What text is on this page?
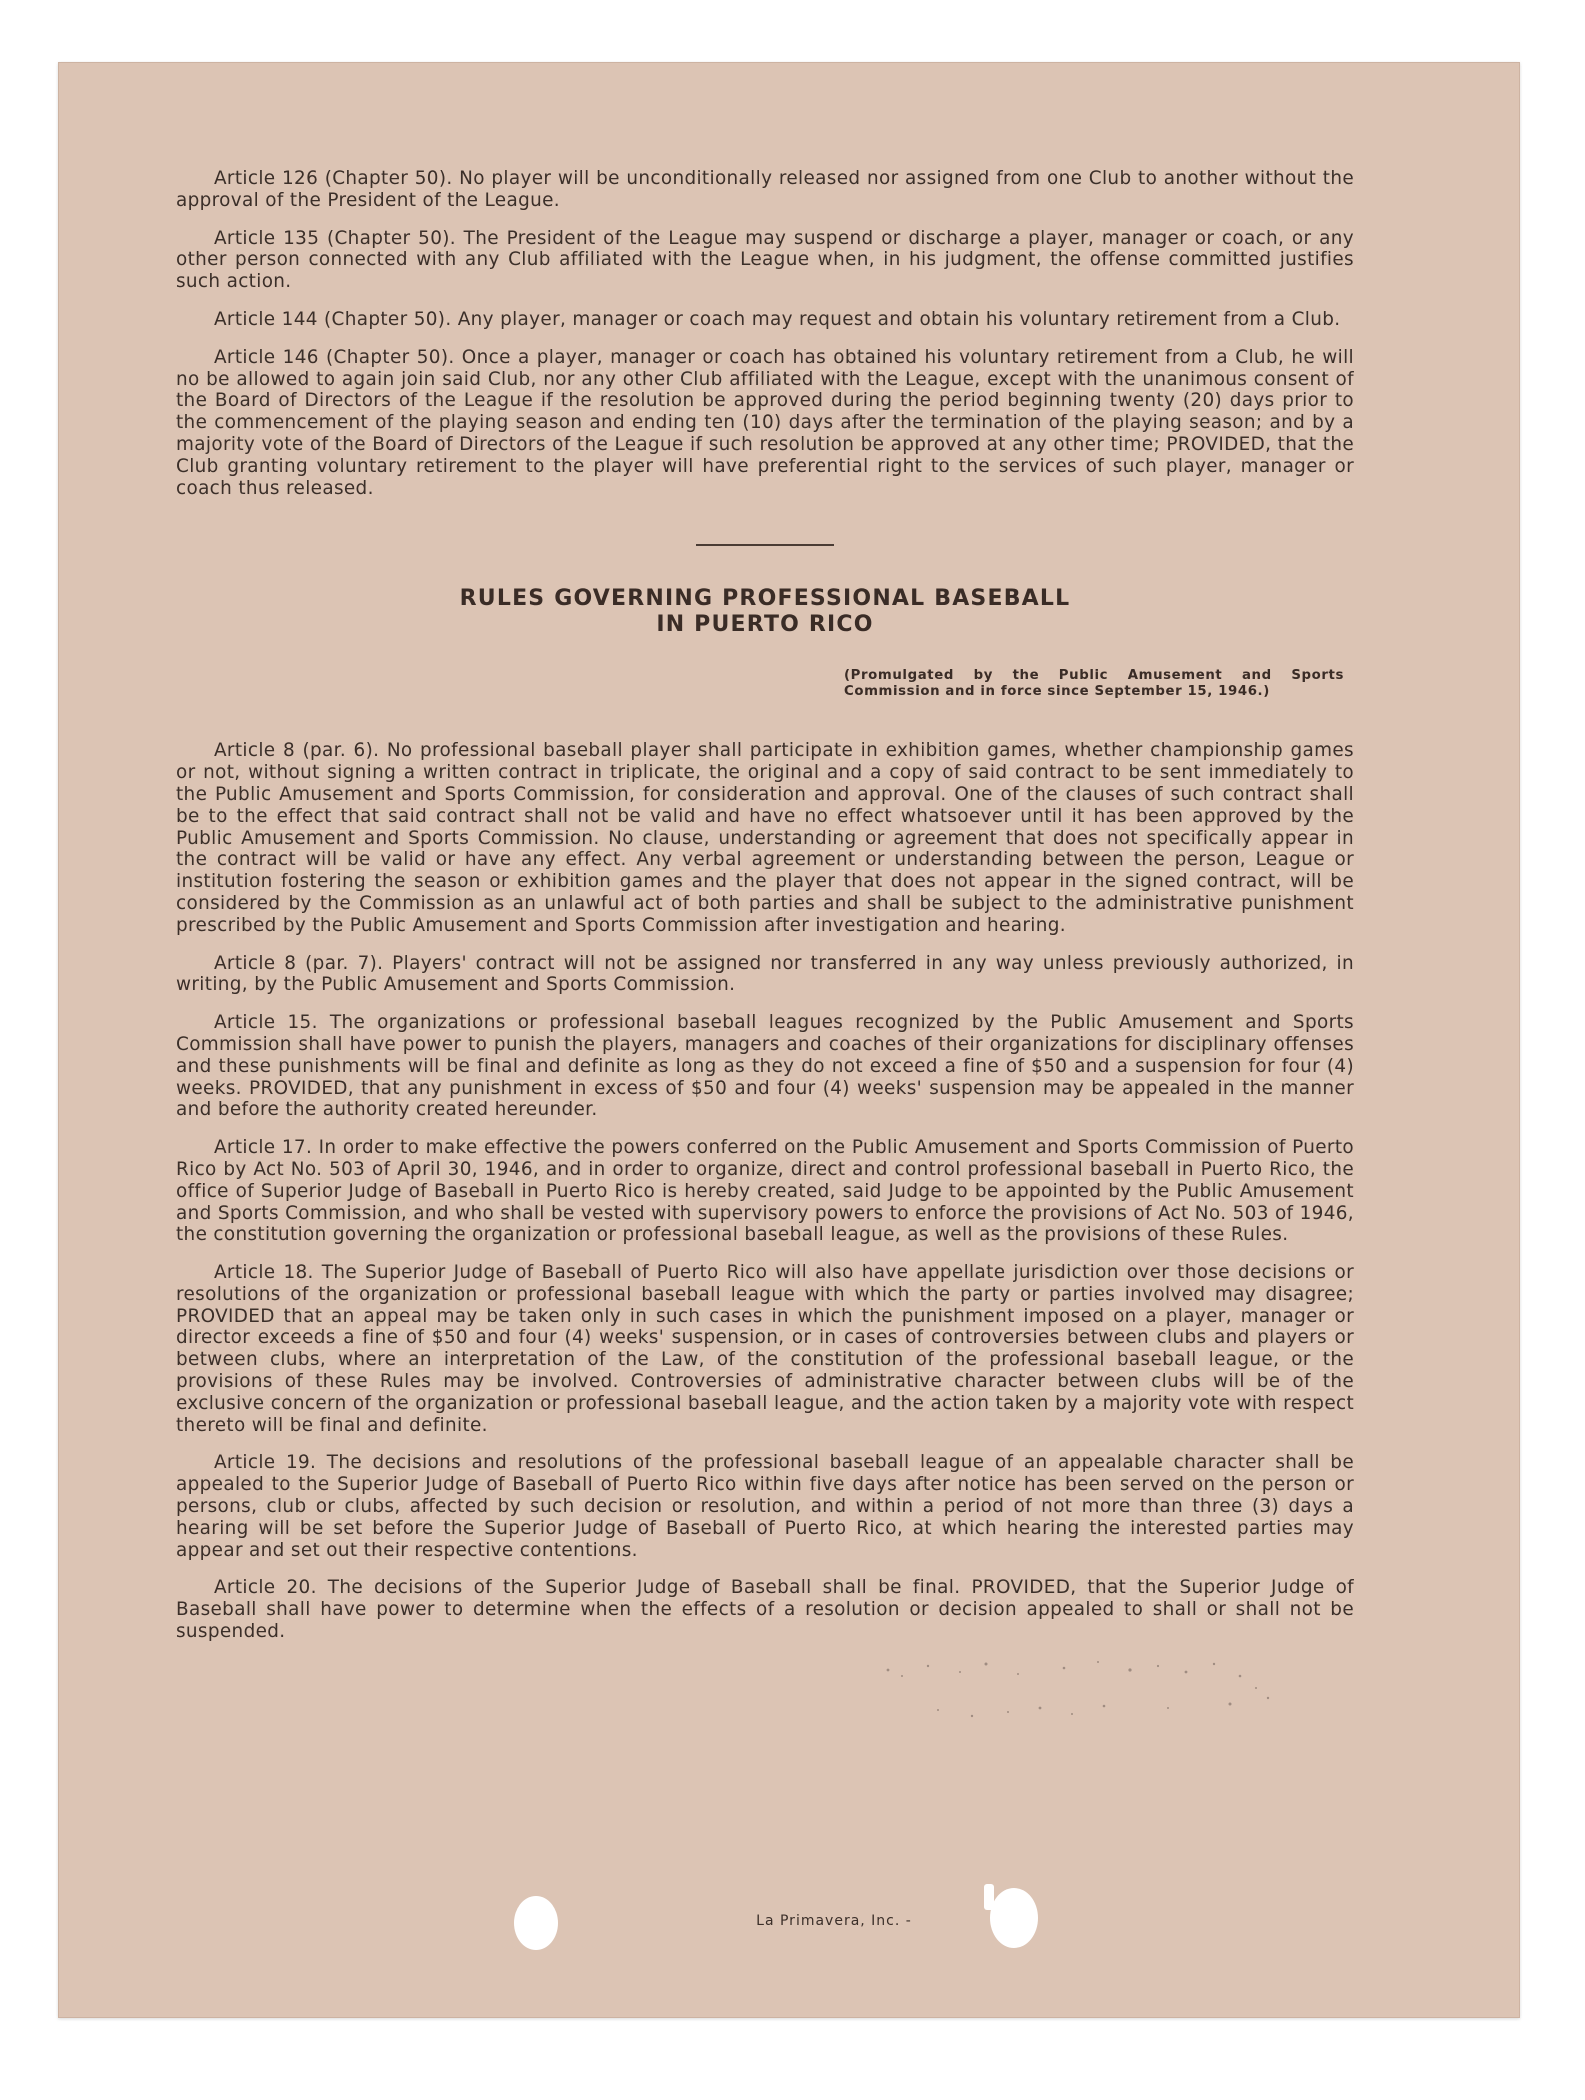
Article 126 (Chapter 50). No player will be unconditionally released nor assigned from one Club to another without the approval of the President of the League.

Article 135 (Chapter 50). The President of the League may suspend or discharge a player, manager or coach, or any other person connected with any Club affiliated with the League when, in his judgment, the offense committed justifies such action.

Article 144 (Chapter 50). Any player, manager or coach may request and obtain his voluntary retirement from a Club.

Article 146 (Chapter 50). Once a player, manager or coach has obtained his voluntary retirement from a Club, he will no be allowed to again join said Club, nor any other Club affiliated with the League, except with the unanimous consent of the Board of Directors of the League if the resolution be approved during the period beginning twenty (20) days prior to the commencement of the playing season and ending ten (10) days after the termination of the playing season; and by a majority vote of the Board of Directors of the League if such resolution be approved at any other time; PROVIDED, that the Club granting voluntary retirement to the player will have preferential right to the services of such player, manager or coach thus released.

RULES GOVERNING PROFESSIONAL BASEBALL
IN PUERTO RICO
(Promulgated by the Public Amusement and Sports Commission and in force since September 15, 1946.)

Article 8 (par. 6). No professional baseball player shall participate in exhibition games, whether championship games or not, without signing a written contract in triplicate, the original and a copy of said contract to be sent immediately to the Public Amusement and Sports Commission, for consideration and approval. One of the clauses of such contract shall be to the effect that said contract shall not be valid and have no effect whatsoever until it has been approved by the Public Amusement and Sports Commission. No clause, understanding or agreement that does not specifically appear in the contract will be valid or have any effect. Any verbal agreement or understanding between the person, League or institution fostering the season or exhibition games and the player that does not appear in the signed contract, will be considered by the Commission as an unlawful act of both parties and shall be subject to the administrative punishment prescribed by the Public Amusement and Sports Commission after investigation and hearing.

Article 8 (par. 7). Players' contract will not be assigned nor transferred in any way unless previously authorized, in writing, by the Public Amusement and Sports Commission.

Article 15. The organizations or professional baseball leagues recognized by the Public Amusement and Sports Commission shall have power to punish the players, managers and coaches of their organizations for disciplinary offenses and these punishments will be final and definite as long as they do not exceed a fine of $50 and a suspension for four (4) weeks. PROVIDED, that any punishment in excess of $50 and four (4) weeks' suspension may be appealed in the manner and before the authority created hereunder.

Article 17. In order to make effective the powers conferred on the Public Amusement and Sports Commission of Puerto Rico by Act No. 503 of April 30, 1946, and in order to organize, direct and control professional baseball in Puerto Rico, the office of Superior Judge of Baseball in Puerto Rico is hereby created, said Judge to be appointed by the Public Amusement and Sports Commission, and who shall be vested with supervisory powers to enforce the provisions of Act No. 503 of 1946, the constitution governing the organization or professional baseball league, as well as the provisions of these Rules.

Article 18. The Superior Judge of Baseball of Puerto Rico will also have appellate jurisdiction over those decisions or resolutions of the organization or professional baseball league with which the party or parties involved may disagree; PROVIDED that an appeal may be taken only in such cases in which the punishment imposed on a player, manager or director exceeds a fine of $50 and four (4) weeks' suspension, or in cases of controversies between clubs and players or between clubs, where an interpretation of the Law, of the constitution of the professional baseball league, or the provisions of these Rules may be involved. Controversies of administrative character between clubs will be of the exclusive concern of the organization or professional baseball league, and the action taken by a majority vote with respect thereto will be final and definite.

Article 19. The decisions and resolutions of the professional baseball league of an appealable character shall be appealed to the Superior Judge of Baseball of Puerto Rico within five days after notice has been served on the person or persons, club or clubs, affected by such decision or resolution, and within a period of not more than three (3) days a hearing will be set before the Superior Judge of Baseball of Puerto Rico, at which hearing the interested parties may appear and set out their respective contentions.

Article 20. The decisions of the Superior Judge of Baseball shall be final. PROVIDED, that the Superior Judge of Baseball shall have power to determine when the effects of a resolution or decision appealed to shall or shall not be suspended.

La Primavera, Inc. -
